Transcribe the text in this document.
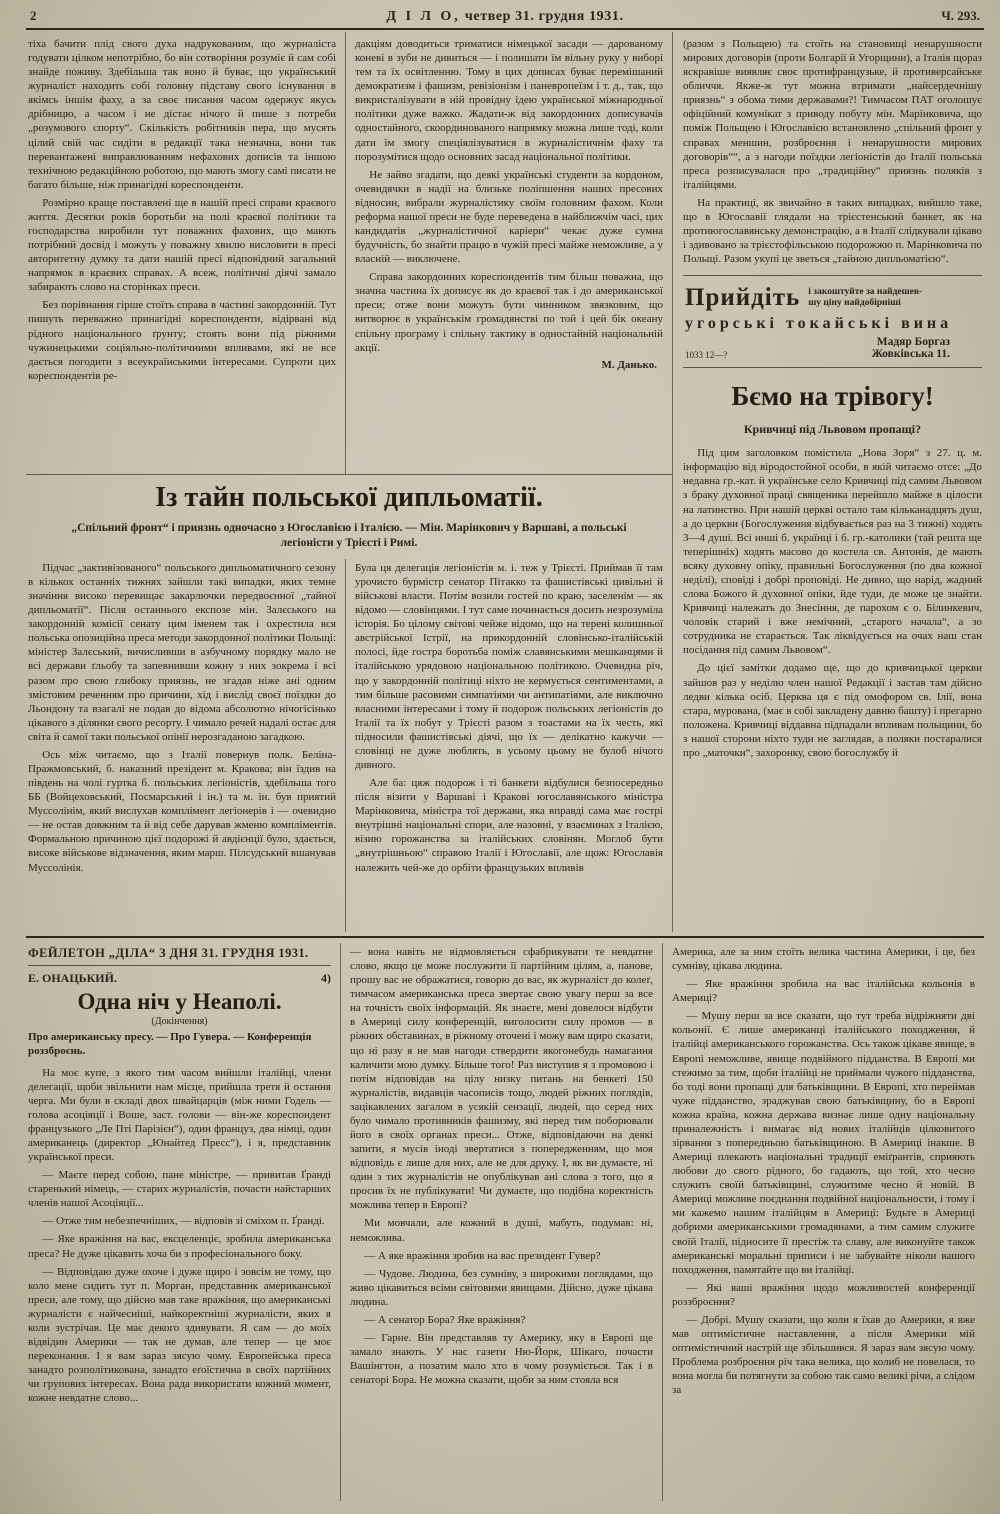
2	Д І Л О, четвер 31. грудня 1931.	Ч. 293.

тіха бачити плід свого духа надрукованим, що журналіста годувати цілком непотрібно, бо він сотворіння розуміє й сам собі знайде поживу. Здебільша так воно й буває, що український журналіст находить собі головну підставу свого існування в якімсь іншім фаху, а за своє писання часом одержує якусь дрібницю, а часом і не дістає нічого й пише з потреби „розумового спорту“. Скількість робітників пера, що мусять цілий свій час сидіти в редакції така незначна, вони так перевантажені виправлюванням нефахових дописів та іншою технічною редакційною роботою, що мають змогу самі писати не багато більше, ніж принагідні кореспонденти.

Розмірно краще поставлені ще в нашій пресі справи краєвого життя. Десятки років боротьби на полі краєвої політики та господарства виробили тут поважних фахових, що мають потрібний досвід і можуть у поважну хвилю висловити в пресі авторитетну думку та дати нашій пресі відповідний загальний напрямок в краєвих справах. А всеж, політичні діячі замало забирають слово на сторінках преси.

Без порівнання гірше стоїть справа в частині закордонній. Тут пишуть переважно принагідні кореспонденти, відірвані від рідного національного ґрунту; стоять вони під ріжними чужинецькими соціяльно-політичними впливами, які не все дається погодити з всеукраїнськими інтересами. Супроти цих кореспондентів ре-

дакціям доводиться триматися німецької засади — дарованому коневі в зуби не дивиться — і полишати їм вільну руку у виборі тем та їх освітленню. Тому в цих дописах буває перемішаний демократизм і фашизм, ревізіонізм і паневропеїзм і т. д., так, що викристалізувати в ній провідну ідею української міжнародньої політики дуже важко. Жадати-ж від закордонних дописувачів одностайного, скоординованого напрямку можна лише тоді, коли дати їм змогу спеціялізуватися в журналістичнім фаху та порозумітися щодо основних засад національної політики.

Не зайво згадати, що деякі українські студенти за кордоном, очевидячки в надії на близьке поліпшення наших пресових відносин, вибрали журналістику своїм головним фахом. Коли реформа нашої преси не буде переведена в найближчім часі, цих кандидатів „журналістичної каріери“ чекає дуже сумна будучність, бо знайти працю в чужій пресі майже неможливе, а у власній — виключене.

Справа закордонних кореспондентів тим більш поважна, що значна частина їх дописує як до краєвої так і до американської преси; отже вони можуть бути чинником звязковим, що витворює в українськім громадянстві по той і цей бік океану спільну програму і спільну тактику в одностайній національній акції.

М. Данько.
Із тайн польської дипльоматії.

„Спільний фронт“ і приязнь одночасно з Югославією і Італією. — Мін. Марінкович у Варшаві, а польські легіоністи у Трієсті і Римі.

Підчас „зактивізованого“ польського дипльоматичного сезону в кількох останніх тижнях зайшли такі випадки, яких темне значіння високо перевищає закарлючки передвоєнної „тайної дипльоматії“. Після останнього експозе мін. Залєського на закордонній комісії сенату цим іменем так і охрестила вся польська опозиційна преса методи закордонної політики Польщі: міністер Залєський, вичисливши в азбучному порядку мало не всі держави ґльобу та запевнивши кожну з них зокрема і всі разом про свою глибоку приязнь, не згадав ніже ані одним змістовим реченням про причини, хід і вислід своєї поїздки до Льондону та взагалі не подав до відома абсолютно нічогісінько цікавого з ділянки свого ресорту. І чимало речей надалі остає для світа й самої таки польської опінії нерозгаданою загадкою.

Ось між читаємо, що з Італії повернув полк. Беліна-Пражмовський, б. наказний презідент м. Кракова; він їздив на південь на чолі гуртка б. польських легіоністів, здебільша того ББ (Войцеховський, Посмарський і ін.) та м. ін. був приятий Муссолінім, який вислухав комплімент легіонерів і — очевидно — не остав довжним та й від себе дарував жменю компліментів. Формальною причиною цієї подорожі й авдієнції було, здається, високе військове відзначення, яким марш. Пілсудський вшанував Муссолінія.

Була ця делегація легіоністів м. і. теж у Трієсті. Приймав її там урочисто бурмістр сенатор Пітакко та фашистівські цивільні й військові власти. Потім возили гостей по краю, заселенім — як відомо — словінцями. І тут саме починається досить незрозуміла історія. Бо цілому світові чейже відомо, що на терені колишньої австрійської Істрії, на прикордонній словінсько-італійській полосі, йде гостра боротьба поміж славянськими мешканцями й італійською урядовою національною політикою. Очевидна річ, що у закордонній політиці ніхто не кермується сентиментами, а тим більше расовими симпатіями чи антипатіями, але виключно власними інтересами і тому й подорож польських легіоністів до Італії та їх побут у Трієсті разом з тоастами на їх честь, які підносили фашистівські діячі, що їх — делікатно кажучи — словінці не дуже люблять, в усьому цьому не булоб нічого дивного.

Але ба: цяж подорож і ті банкети відбулися безпосередньо після візити у Варшаві і Кракові югославянського міністра Марінковича, міністра тої держави, яка вправді сама має гострі внутрішні національні спори, але назовні, у взаєминах з Італією, візию горожанства за італійських словінян. Моглоб бути „внутрішньою“ справою Італії і Югославії, але щож: Югославія належить чей-же до орбіти французьких впливів

(разом з Польщею) та стоїть на становищі ненарушности мирових договорів (проти Болгарії й Угорщини), а Італія щораз яскравіше виявляє своє протифранцузьке, й противерсайське обличчя. Якже-ж тут можна втримати „найсердечнішу приязнь“ з обома тими державами?! Тимчасом ПАТ оголошує офіційний комунікат з приводу побуту мін. Марінковича, що поміж Польщею і Югославією встановлено „спільний фронт у справах меншин, розброєння і ненарушности мирових договорів““, а з нагоди поїздки легіоністів до Італії польська преса розписувалася про „традиційну“ приязнь поляків з італійцями.

На практиці, як звичайно в таких випадках, вийшло таке, що в Югославії глядали на трієстенський банкет, як на протиюгославянську демонстрацію, а в Італії слідкували цікаво і здивовано за трієстофільською подорожжю п. Марінковича по Польщі. Разом укупі це зветься „тайною дипльоматією“.

Прийдіть і закоштуйте за найдешев-
шу ціну найдобірніші
угорські токайські вина
Мадяр Боргаз
Жовківська 11.
1033 12—?
Бємо на трівогу!
Кривчиці під Львовом пропащі?

Під цим заголовком помістила „Нова Зоря“ з 27. ц. м. інформацію від віродостойної особи, в якій читаємо отсе: „До недавна гр.-кат. й українське село Кривчиці під самим Львовом з браку духовної праці священика перейшло майже в цілости на латинство. При нашій церкві остало там кільканадцять душ, а до церкви (Богослуження відбувається раз на 3 тижні) ходять 3—4 душі. Всі инші б. українці і б. гр.-католики (тай решта ще теперішніх) ходять масово до костела св. Антонія, де мають всяку духовну опіку, правильні Богослуження (по два кожної неділі), сповіді і добрі проповіді. Не дивно, що нарід, жадний слова Божого й духовної опіки, йде туди, де може це знайти. Кривчиці належать до Знесіння, де парохом є о. Білинкевич, чоловік старий і вже немічний, „старого начала“, а зо сотрудника не старається. Так ліквідується на очах наш стан посідання під самим Львовом“.

До цієї замітки додамо ще, що до кривчицької церкви зайшов раз у неділю член нашої Редакції і застав там дійсно ледви кілька осіб. Церква ця є під омофором св. Ілії, вона стара, мурована, (має в собі закладену давню башту) і прегарно положена. Кривчиці віддавна підпадали впливам польщини, бо з нашої сторони ніхто туди не заглядав, а поляки постаралися про „маточки“, захоронку, свою богослужбу й

ФЕЙЛЕТОН „ДІЛА“ З ДНЯ 31. ГРУДНЯ 1931.
Е. ОНАЦЬКИЙ.	4)
Одна ніч у Неаполі.
(Докінчення)
Про американську пресу. — Про Гувера. — Конференція роззброєнь.

На моє купе, з якого тим часом вийшли італійці, члени делегації, щоби звільнити нам місце, прийшла третя й остання черга. Ми були в складі двох швайцарців (між ними Годель — голова асоціяції і Воше, заст. голови — він-же кореспондент французького „Ле Пті Парізієн“), один француз, два німці, один американець (директор „Юнайтед Пресс“), і я, представник української преси.

— Маєте перед собою, пане міністре, — привитав Ґранді старенький німець, — старих журналістів, почасти найстарших членів нашої Асоціяції...

— Отже тим небезпечніших, — відповів зі сміхом п. Ґранді.

— Яке вражіння на вас, ексцеленціє, зробила американська преса? Не дуже цікавить хоча би з професіонального боку.

— Відповідаю дуже охоче і дуже щиро і зовсім не тому, що коло мене сидить тут п. Морган, представник американської преси, але тому, що дійсно мав таке вражіння, що американські журналісти є найчесніші, найкоректніші журналісти, яких я коли зустрічав. Це має декого здивувати. Я сам — до моїх відвідин Америки — так не думав, але тепер — це моє переконання. І я вам зараз зясую чому. Европейська преса занадто розполітикована, занадто еґоїстична в своїх партійних чи групових інтересах. Вона рада використати кожний момент, кожне невдатне слово...

— вона навіть не відмовляється сфабрикувати те невдатне слово, якщо це може послужити її партійним цілям, а, панове, прошу вас не ображатися, говорю до вас, як журналіст до колеґ, тимчасом американська преса звертає свою увагу перш за все на точність своїх інформацій. Як знаєте, мені довелося відбути в Америці силу конференцій, виголосити силу промов — в ріжних обставинах, в ріжному оточені і можу вам щиро сказати, що ні разу я не мав нагоди ствердити якогонебудь намагання каличити мою думку. Більше того! Раз виступив я з промовою і потім відповідав на цілу низку питань на бенкеті 150 журналістів, видавців часописів тощо, людей ріжних поглядів, зацікавлених загалом в усякій сензації, людей, що серед них було чимало противників фашизму, які перед тим поборювали його в своїх органах преси... Отже, відповідаючи на деякі запити, я мусів іноді звертатися з попередженням, що моя відповідь є лише для них, але не для друку. І, як ви думаєте, ні один з тих журналістів не опублікував ані слова з того, що я просив їх не публікувати! Чи думаєте, що подібна коректність можлива тепер в Европі?

Ми мовчали, але кожний в душі, мабуть, подумав: ні, неможлива.

— А яке вражіння зробив на вас президент Гувер?

— Чудове. Людина, без сумніву, з широкими поглядами, що живо цікавиться всіми світовими явищами. Дійсно, дуже цікава людина.

— А сенатор Бора? Яке вражіння?

— Гарне. Він представляв ту Америку, яку в Европі ще замало знають. У нас газети Ню-Йорк, Шікаго, почасти Вашінгтон, а позатим мало хто в чому розуміється. Так і в сенаторі Бора. Не можна сказати, щоби за ним стояла вся

Америка, але за ним стоїть велика частина Америки, і це, без сумніву, цікава людина.

— Яке вражіння зробила на вас італійська кольонія в Америці?

— Мушу перш за все сказати, що тут треба відріжняти дві кольонії. Є лише американці італійського походження, й італійці американського горожанства. Ось також цікаве явище, в Европі неможливе, явище подвійного підданства. В Европі ми стежимо за тим, щоби італійці не приймали чужого підданства, бо тоді вони пропащі для батьківщини. В Европі, хто переймав чуже підданство, зраджував свою батьківщину, бо в Европі кожна країна, кожна держава визнає лише одну національну приналежність і вимагає від нових італійців цілковитого зірвання з попередньою батьківщиною. В Америці інакше. В Америці плекають національні традиції еміґрантів, сприяють любови до свого рідного, бо гадають, що той, хто чесно служить своїй батьківщині, служитиме чесно й новій. В Америці можливе поєднання подвійної національности, і тому і ми кажемо нашим італійцям в Америці: Будьте в Америці добрими американськими громадянами, а тим самим служите своїй Італії, підносите її престіж та славу, але виконуйте також американські моральні приписи і не забувайте ніколи вашого походження, памятайте що ви італійці.

— Які ваші вражіння щодо можливостей конференції роззброєння?

— Добрі. Мушу сказати, що коли я їхав до Америки, я вже мав оптимістичне наставлення, а після Америки мій оптимістичний настрій ще збільшився. Я зараз вам зясую чому. Проблема розброєння річ така велика, що колиб не повелася, то вона могла би потягнути за собою так само великі річи, а слідом за
